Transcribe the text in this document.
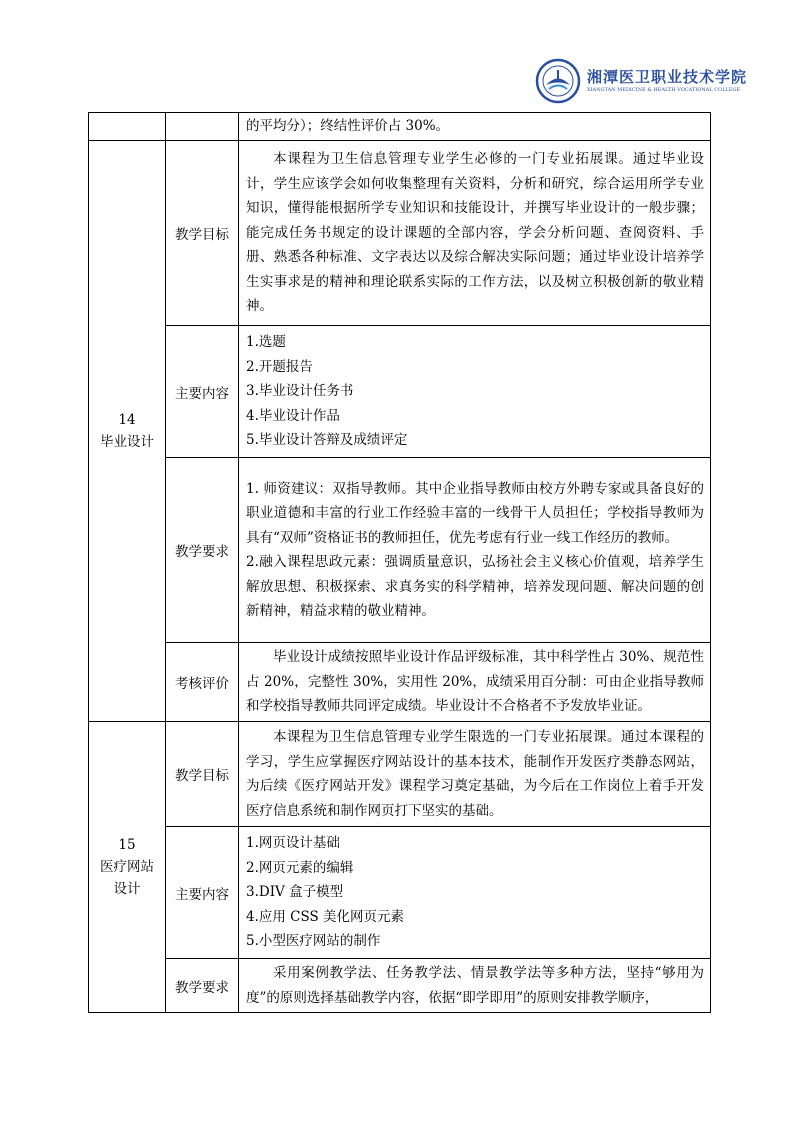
湘潭医卫职业技术学院
XIANGTAN MEDICINE & HEALTH VOCATIONAL COLLEGE

		的平均分）；终结性评价占 30%。

14
毕业设计	教学目标	本课程为卫生信息管理专业学生必修的一门专业拓展课。通过毕业设计，学生应该学会如何收集整理有关资料，分析和研究，综合运用所学专业知识，懂得能根据所学专业知识和技能设计，并撰写毕业设计的一般步骤；能完成任务书规定的设计课题的全部内容，学会分析问题、查阅资料、手册、熟悉各种标准、文字表达以及综合解决实际问题；通过毕业设计培养学生实事求是的精神和理论联系实际的工作方法，以及树立积极创新的敬业精神。

	主要内容	1.选题
2.开题报告
3.毕业设计任务书
4.毕业设计作品
5.毕业设计答辩及成绩评定

	教学要求	1. 师资建议：双指导教师。其中企业指导教师由校方外聘专家或具备良好的职业道德和丰富的行业工作经验丰富的一线骨干人员担任；学校指导教师为具有“双师”资格证书的教师担任，优先考虑有行业一线工作经历的教师。
2.融入课程思政元素：强调质量意识，弘扬社会主义核心价值观，培养学生解放思想、积极探索、求真务实的科学精神，培养发现问题、解决问题的创新精神，精益求精的敬业精神。

	考核评价	毕业设计成绩按照毕业设计作品评级标准，其中科学性占 30%、规范性占 20%，完整性 30%，实用性 20%，成绩采用百分制：可由企业指导教师和学校指导教师共同评定成绩。毕业设计不合格者不予发放毕业证。

15
医疗网站
设计	教学目标	本课程为卫生信息管理专业学生限选的一门专业拓展课。通过本课程的学习，学生应掌握医疗网站设计的基本技术，能制作开发医疗类静态网站，为后续《医疗网站开发》课程学习奠定基础，为今后在工作岗位上着手开发医疗信息系统和制作网页打下坚实的基础。

	主要内容	1.网页设计基础
2.网页元素的编辑
3.DIV 盒子模型
4.应用 CSS 美化网页元素
5.小型医疗网站的制作

	教学要求	采用案例教学法、任务教学法、情景教学法等多种方法，坚持“够用为度”的原则选择基础教学内容，依据“即学即用”的原则安排教学顺序，
